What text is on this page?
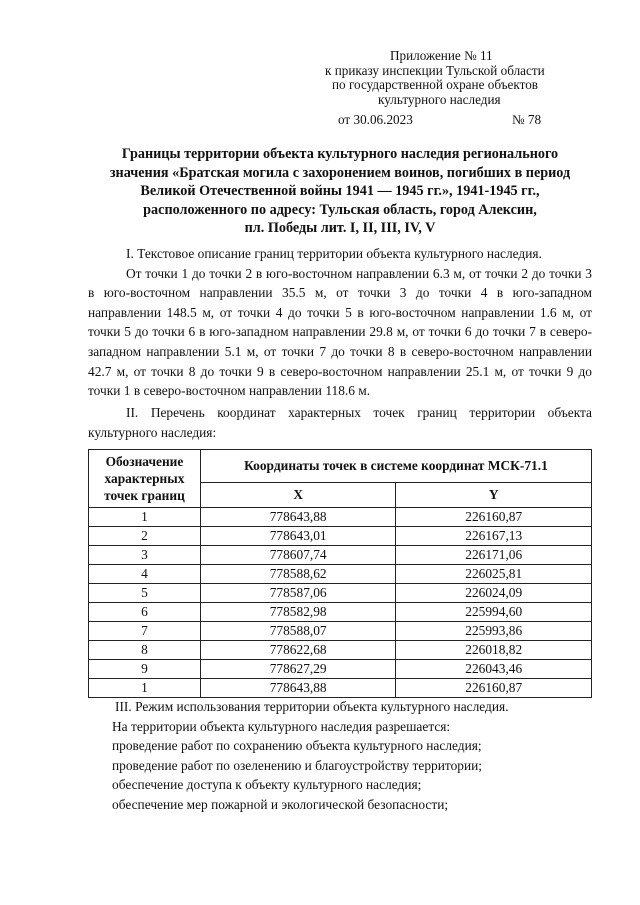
Приложение № 11
к приказу инспекции Тульской области
по государственной охране объектов
культурного наследия
от 30.06.2023	№ 78
Границы территории объекта культурного наследия регионального
значения «Братская могила с захоронением воинов, погибших в период
Великой Отечественной войны 1941 — 1945 гг.», 1941-1945 гг.,
расположенного по адресу: Тульская область, город Алексин,
пл. Победы лит. I, II, III, IV, V
I. Текстовое описание границ территории объекта культурного наследия.
От точки 1 до точки 2 в юго-восточном направлении 6.3 м, от точки 2 до точки 3 в юго-восточном направлении 35.5 м, от точки 3 до точки 4 в юго-западном направлении 148.5 м, от точки 4 до точки 5 в юго-восточном направлении 1.6 м, от точки 5 до точки 6 в юго-западном направлении 29.8 м, от точки 6 до точки 7 в северо-западном направлении 5.1 м, от точки 7 до точки 8 в северо-восточном направлении 42.7 м, от точки 8 до точки 9 в северо-восточном направлении 25.1 м, от точки 9 до точки 1 в северо-восточном направлении 118.6 м.
II. Перечень координат характерных точек границ территории объекта культурного наследия:
Обозначение характерных точек границ	Координаты точек в системе координат МСК-71.1	
	X	Y
1	778643,88	226160,87
2	778643,01	226167,13
3	778607,74	226171,06
4	778588,62	226025,81
5	778587,06	226024,09
6	778582,98	225994,60
7	778588,07	225993,86
8	778622,68	226018,82
9	778627,29	226043,46
1	778643,88	226160,87
III. Режим использования территории объекта культурного наследия.
На территории объекта культурного наследия разрешается:
проведение работ по сохранению объекта культурного наследия;
проведение работ по озеленению и благоустройству территории;
обеспечение доступа к объекту культурного наследия;
обеспечение мер пожарной и экологической безопасности;
